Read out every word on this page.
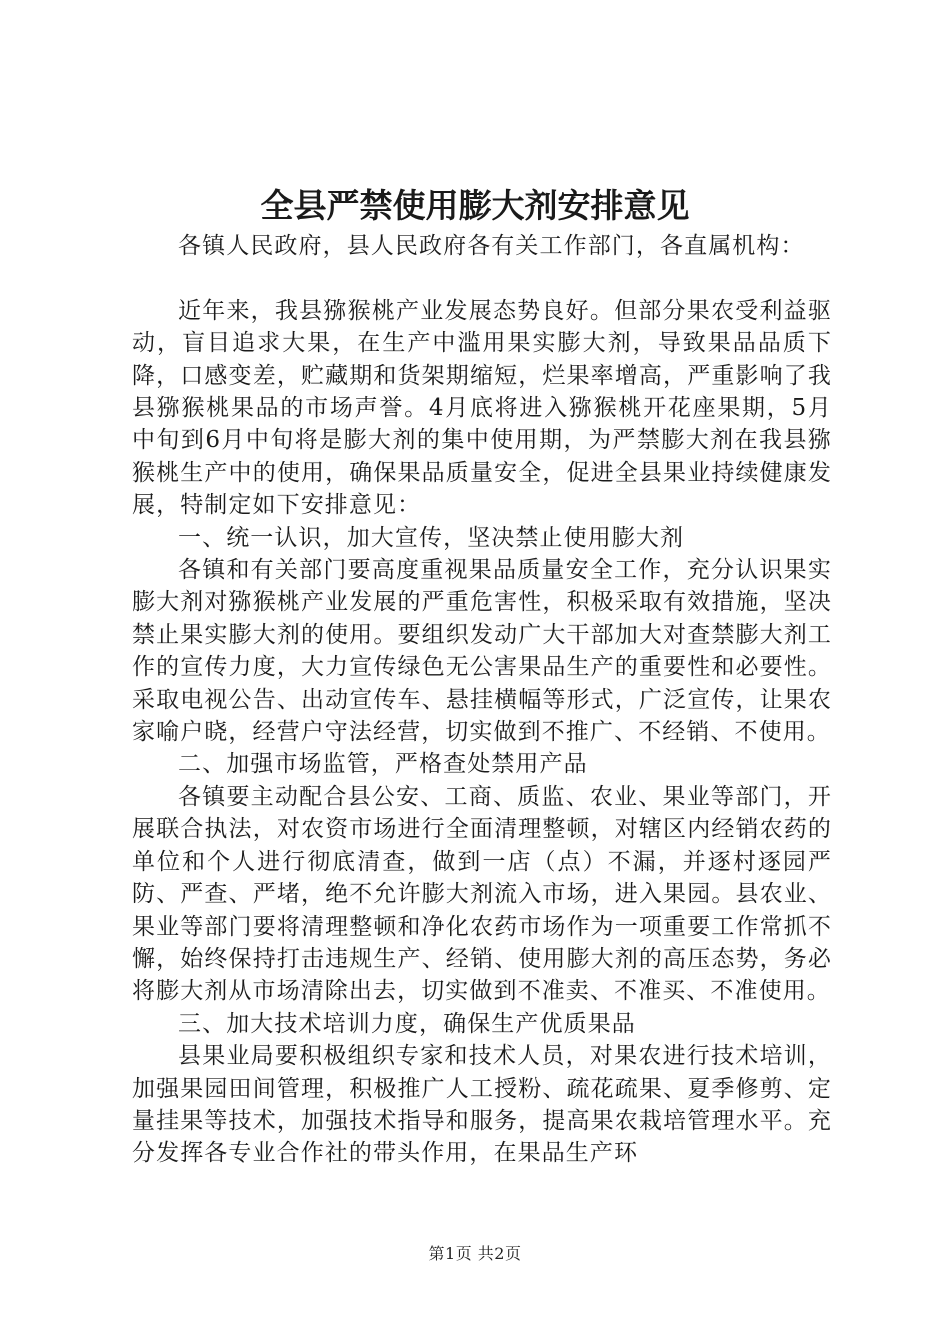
全县严禁使用膨大剂安排意见

各镇人民政府，县人民政府各有关工作部门，各直属机构：

近年来，我县猕猴桃产业发展态势良好。但部分果农受利益驱动，盲目追求大果，在生产中滥用果实膨大剂，导致果品品质下降，口感变差，贮藏期和货架期缩短，烂果率增高，严重影响了我县猕猴桃果品的市场声誉。4月底将进入猕猴桃开花座果期，5月中旬到6月中旬将是膨大剂的集中使用期，为严禁膨大剂在我县猕猴桃生产中的使用，确保果品质量安全，促进全县果业持续健康发展，特制定如下安排意见：

一、统一认识，加大宣传，坚决禁止使用膨大剂

各镇和有关部门要高度重视果品质量安全工作，充分认识果实膨大剂对猕猴桃产业发展的严重危害性，积极采取有效措施，坚决禁止果实膨大剂的使用。要组织发动广大干部加大对查禁膨大剂工作的宣传力度，大力宣传绿色无公害果品生产的重要性和必要性。采取电视公告、出动宣传车、悬挂横幅等形式，广泛宣传，让果农家喻户晓，经营户守法经营，切实做到不推广、不经销、不使用。

二、加强市场监管，严格查处禁用产品

各镇要主动配合县公安、工商、质监、农业、果业等部门，开展联合执法，对农资市场进行全面清理整顿，对辖区内经销农药的单位和个人进行彻底清查，做到一店（点）不漏，并逐村逐园严防、严查、严堵，绝不允许膨大剂流入市场，进入果园。县农业、果业等部门要将清理整顿和净化农药市场作为一项重要工作常抓不懈，始终保持打击违规生产、经销、使用膨大剂的高压态势，务必将膨大剂从市场清除出去，切实做到不准卖、不准买、不准使用。

三、加大技术培训力度，确保生产优质果品

县果业局要积极组织专家和技术人员，对果农进行技术培训，加强果园田间管理，积极推广人工授粉、疏花疏果、夏季修剪、定量挂果等技术，加强技术指导和服务，提高果农栽培管理水平。充分发挥各专业合作社的带头作用，在果品生产环

第1页 共2页
